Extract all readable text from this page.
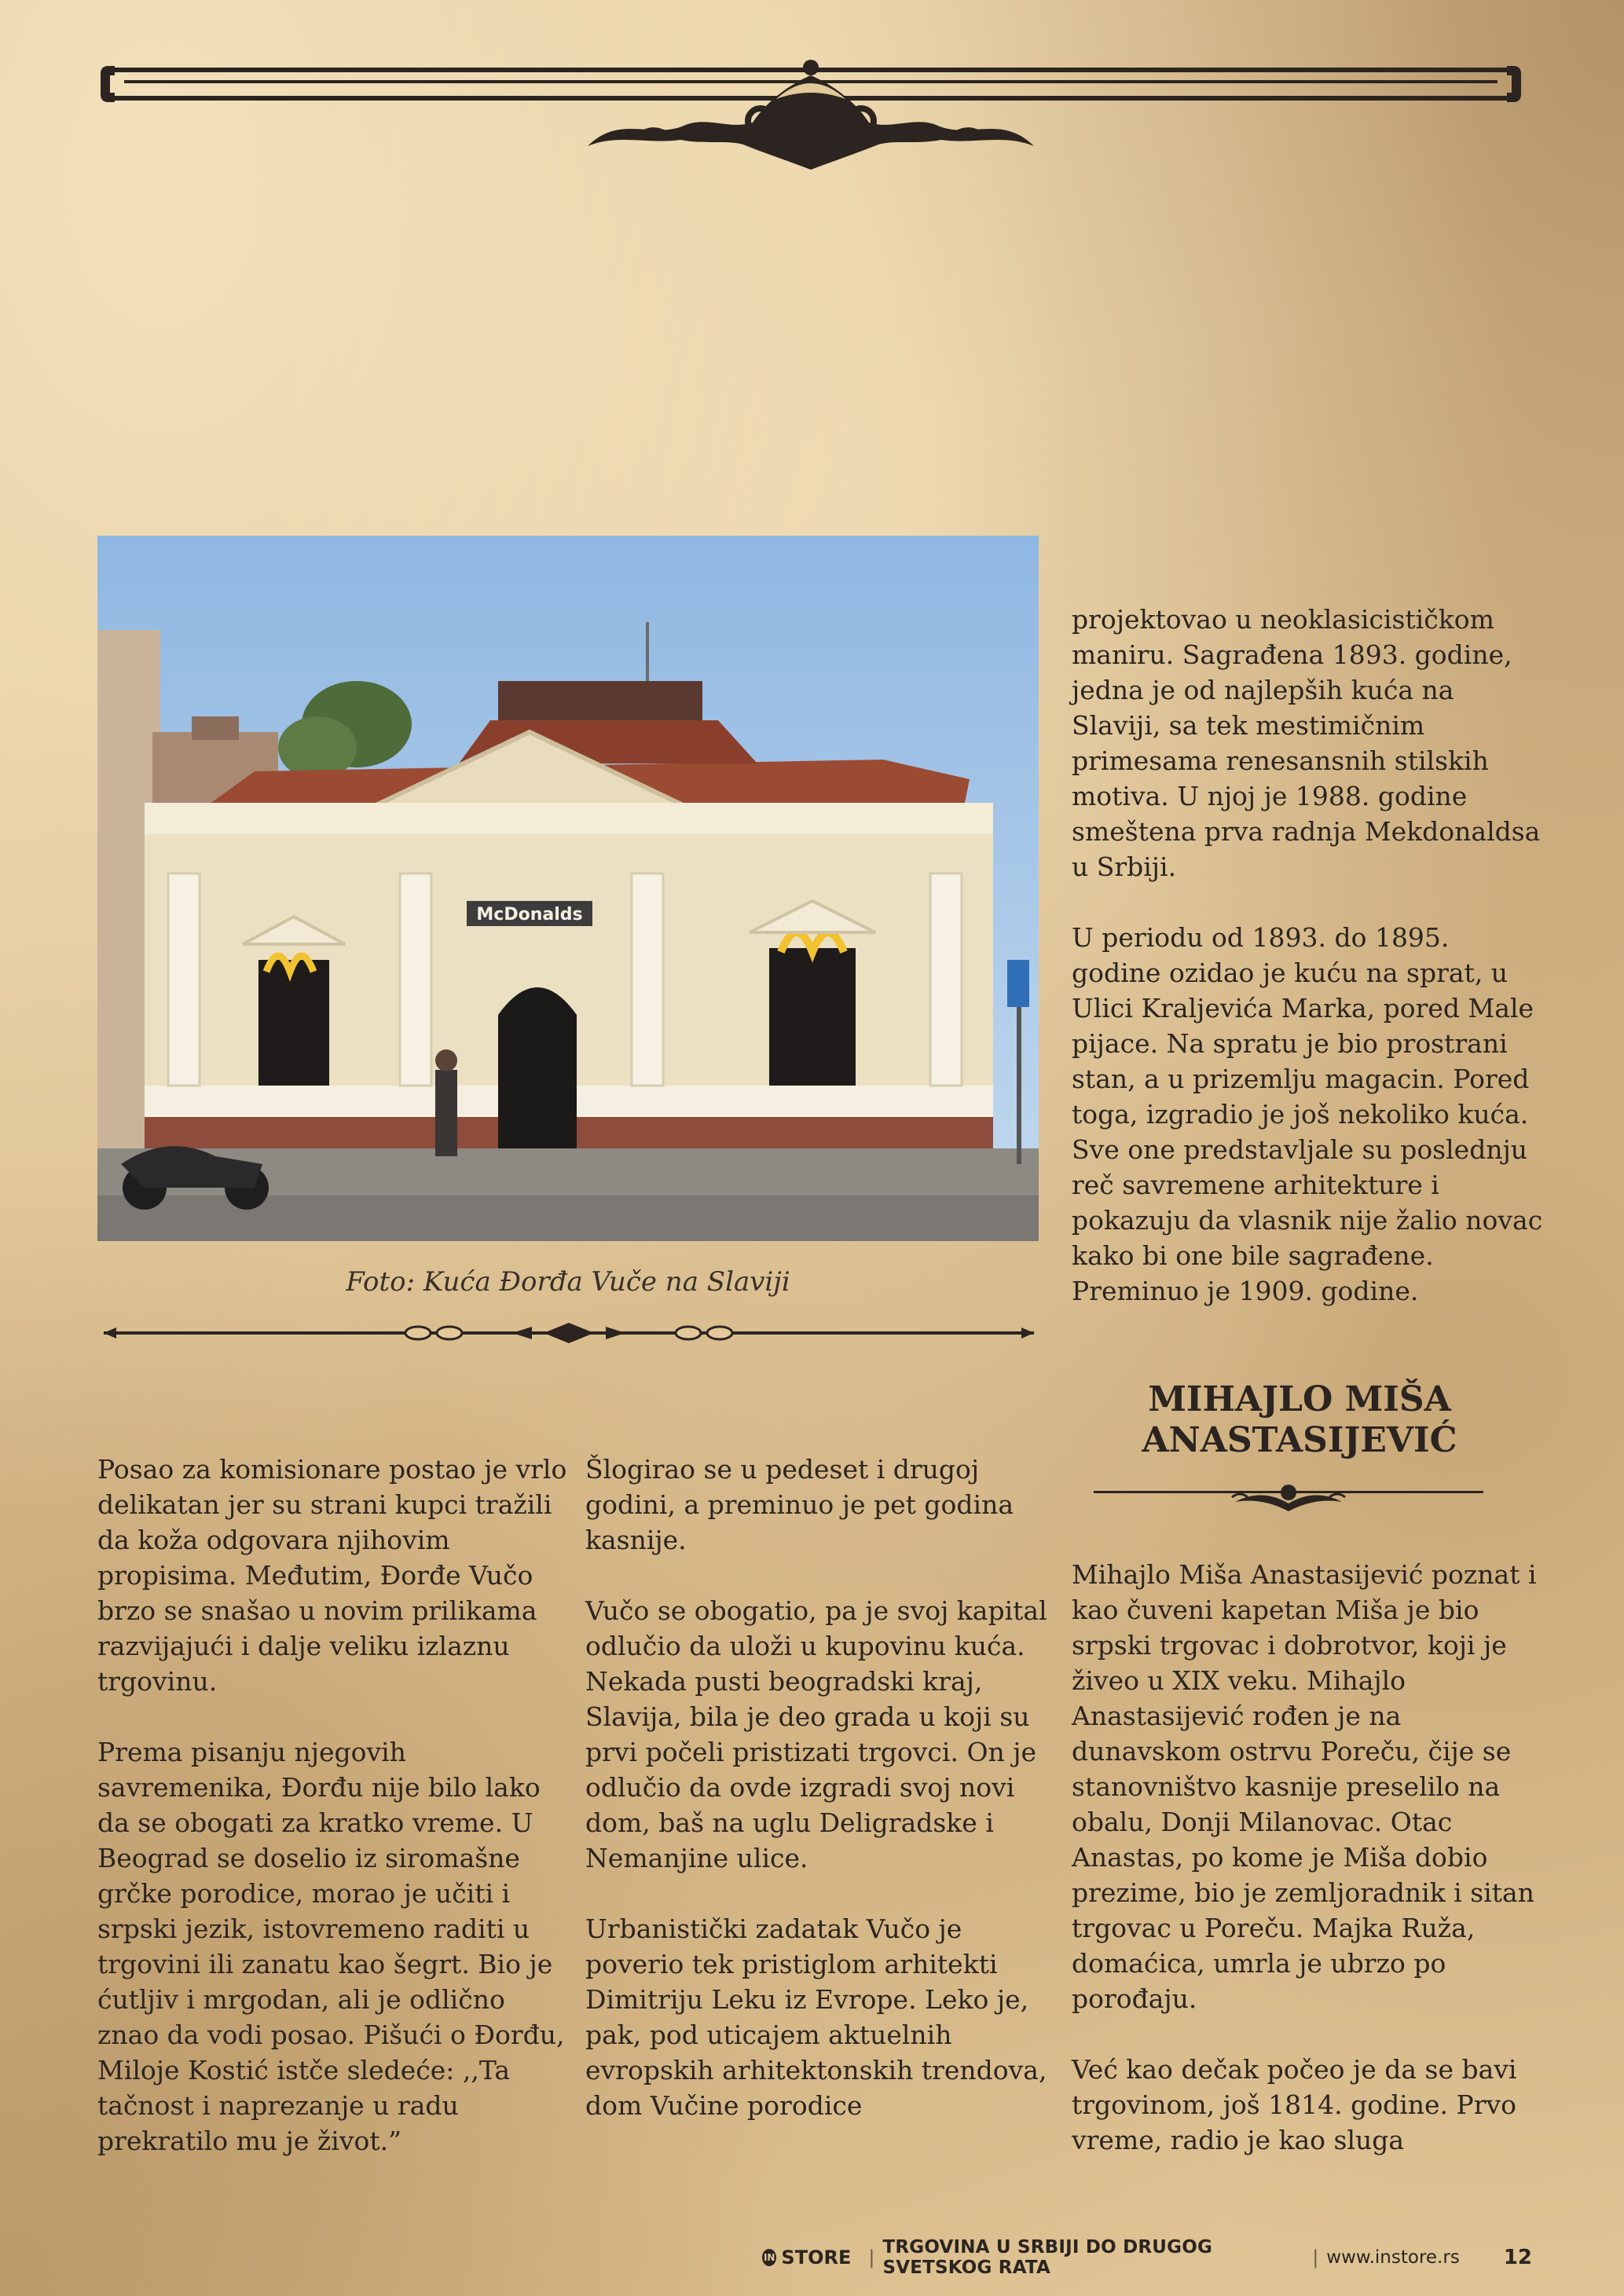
McDonalds
Foto: Kuća Đorđa Vuče na Slaviji

Posao za komisionare postao je vrlo delikatan jer su strani kupci tražili da koža odgovara njihovim propisima. Međutim, Đorđe Vučo brzo se snašao u novim prilikama razvijajući i dalje veliku izlaznu trgovinu.

Prema pisanju njegovih savremenika, Đorđu nije bilo lako da se obogati za kratko vreme. U Beograd se doselio iz siromašne grčke porodice, morao je učiti i srpski jezik, istovremeno raditi u trgovini ili zanatu kao šegrt. Bio je ćutljiv i mrgodan, ali je odlično znao da vodi posao. Pišući o Đorđu, Miloje Kostić istče sledeće: ,,Ta tačnost i naprezanje u radu prekratilo mu je život.”

Šlogirao se u pedeset i drugoj godini, a preminuo je pet godina kasnije.

Vučo se obogatio, pa je svoj kapital odlučio da uloži u kupovinu kuća. Nekada pusti beogradski kraj, Slavija, bila je deo grada u koji su prvi počeli pristizati trgovci. On je odlučio da ovde izgradi svoj novi dom, baš na uglu Deligradske i Nemanjine ulice.

Urbanistički zadatak Vučo je poverio tek pristiglom arhitekti Dimitriju Leku iz Evrope. Leko je, pak, pod uticajem aktuelnih evropskih arhitektonskih trendova, dom Vučine porodice

projektovao u neoklasicističkom maniru. Sagrađena 1893. godine, jedna je od najlepših kuća na Slaviji, sa tek mestimičnim primesama renesansnih stilskih motiva. U njoj je 1988. godine smeštena prva radnja Mekdonaldsa u Srbiji.

U periodu od 1893. do 1895. godine ozidao je kuću na sprat, u Ulici Kraljevića Marka, pored Male pijace. Na spratu je bio prostrani stan, a u prizemlju magacin. Pored toga, izgradio je još nekoliko kuća. Sve one predstavljale su poslednju reč savremene arhitekture i pokazuju da vlasnik nije žalio novac kako bi one bile sagrađene. Preminuo je 1909. godine.

MIHAJLO MIŠA
ANASTASIJEVIĆ

Mihajlo Miša Anastasijević poznat i kao čuveni kapetan Miša je bio srpski trgovac i dobrotvor, koji je živeo u XIX veku. Mihajlo Anastasijević rođen je na dunavskom ostrvu Poreču, čije se stanovništvo kasnije preselilo na obalu, Donji Milanovac. Otac Anastas, po kome je Miša dobio prezime, bio je zemljoradnik i sitan trgovac u Poreču. Majka Ruža, domaćica, umrla je ubrzo po porođaju.

Već kao dečak počeo je da se bavi trgovinom, još 1814. godine. Prvo vreme, radio je kao sluga

IN STORE | TRGOVINA U SRBIJI DO DRUGOG SVETSKOG RATA	| www.instore.rs 12
